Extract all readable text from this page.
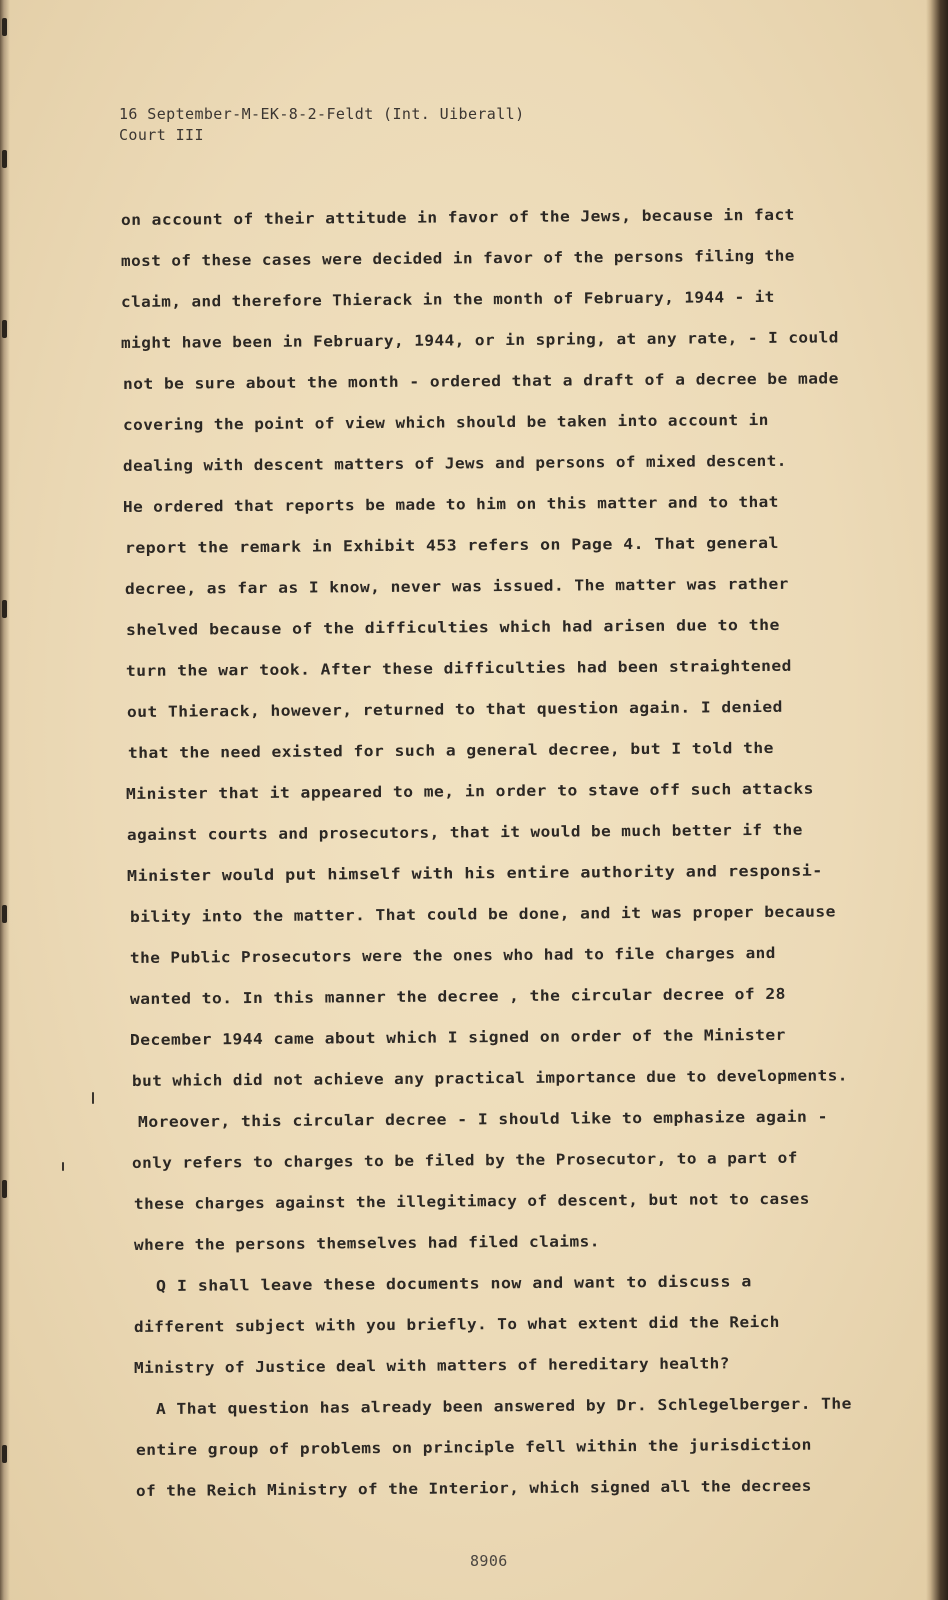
16 September-M-EK-8-2-Feldt (Int. Uiberall)
Court III
on account of their attitude in favor of the Jews, because in fact
most of these cases were decided in favor of the persons filing the
claim, and therefore Thierack in the month of February, 1944 - it
might have been in February, 1944, or in spring, at any rate, - I could
not be sure about the month - ordered that a draft of a decree be made
covering the point of view which should be taken into account in
dealing with descent matters of Jews and persons of mixed descent.
He ordered that reports be made to him on this matter and to that
report the remark in Exhibit 453 refers on Page 4. That general
decree, as far as I know, never was issued. The matter was rather
shelved because of the difficulties which had arisen due to the
turn the war took. After these difficulties had been straightened
out Thierack, however, returned to that question again. I denied
that the need existed for such a general decree, but I told the
Minister that it appeared to me, in order to stave off such attacks
against courts and prosecutors, that it would be much better if the
Minister would put himself with his entire authority and responsi-
bility into the matter. That could be done, and it was proper because
the Public Prosecutors were the ones who had to file charges and
wanted to. In this manner the decree , the circular decree of 28
December 1944 came about which I signed on order of the Minister
but which did not achieve any practical importance due to developments.
Moreover, this circular decree - I should like to emphasize again -
only refers to charges to be filed by the Prosecutor, to a part of
these charges against the illegitimacy of descent, but not to cases
where the persons themselves had filed claims.
Q I shall leave these documents now and want to discuss a
different subject with you briefly. To what extent did the Reich
Ministry of Justice deal with matters of hereditary health?
A That question has already been answered by Dr. Schlegelberger. The
entire group of problems on principle fell within the jurisdiction
of the Reich Ministry of the Interior, which signed all the decrees
8906
